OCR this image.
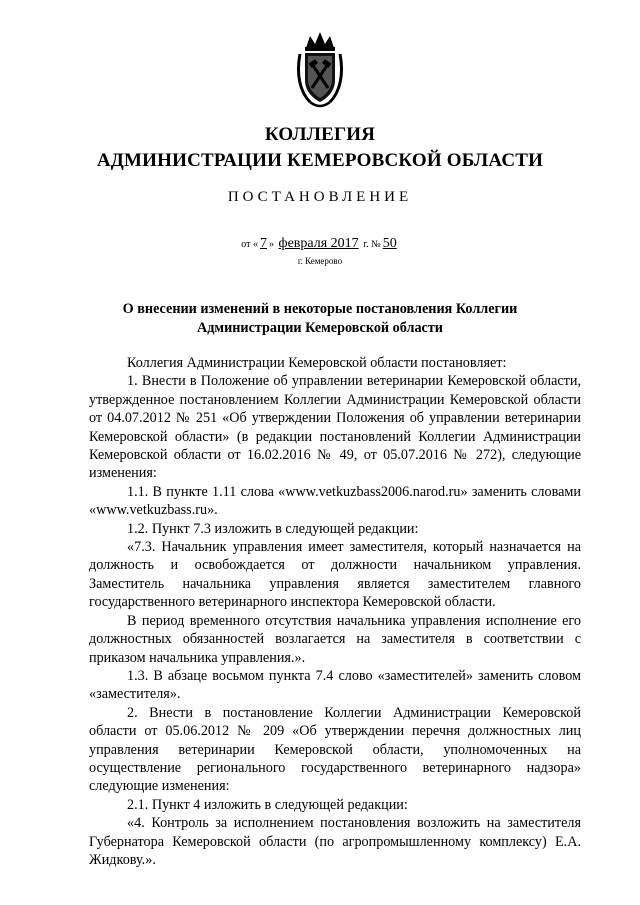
КОЛЛЕГИЯ
АДМИНИСТРАЦИИ КЕМЕРОВСКОЙ ОБЛАСТИ
ПОСТАНОВЛЕНИЕ
от « 7 » февраля 2017 г. № 50
г. Кемерово
О внесении изменений в некоторые постановления Коллегии Администрации Кемеровской области

Коллегия Администрации Кемеровской области постановляет:

1. Внести в Положение об управлении ветеринарии Кемеровской области, утвержденное постановлением Коллегии Администрации Кемеровской области от 04.07.2012 № 251 «Об утверждении Положения об управлении ветеринарии Кемеровской области» (в редакции постановлений Коллегии Администрации Кемеровской области от 16.02.2016 № 49, от 05.07.2016 № 272), следующие изменения:

1.1. В пункте 1.11 слова «www.vetkuzbass2006.narod.ru» заменить словами «www.vetkuzbass.ru».

1.2. Пункт 7.3 изложить в следующей редакции:

«7.3. Начальник управления имеет заместителя, который назначается на должность и освобождается от должности начальником управления. Заместитель начальника управления является заместителем главного государственного ветеринарного инспектора Кемеровской области.

В период временного отсутствия начальника управления исполнение его должностных обязанностей возлагается на заместителя в соответствии с приказом начальника управления.».

1.3. В абзаце восьмом пункта 7.4 слово «заместителей» заменить словом «заместителя».

2. Внести в постановление Коллегии Администрации Кемеровской области от 05.06.2012 № 209 «Об утверждении перечня должностных лиц управления ветеринарии Кемеровской области, уполномоченных на осуществление регионального государственного ветеринарного надзора» следующие изменения:

2.1. Пункт 4 изложить в следующей редакции:

«4. Контроль за исполнением постановления возложить на заместителя Губернатора Кемеровской области (по агропромышленному комплексу) Е.А. Жидкову.».
